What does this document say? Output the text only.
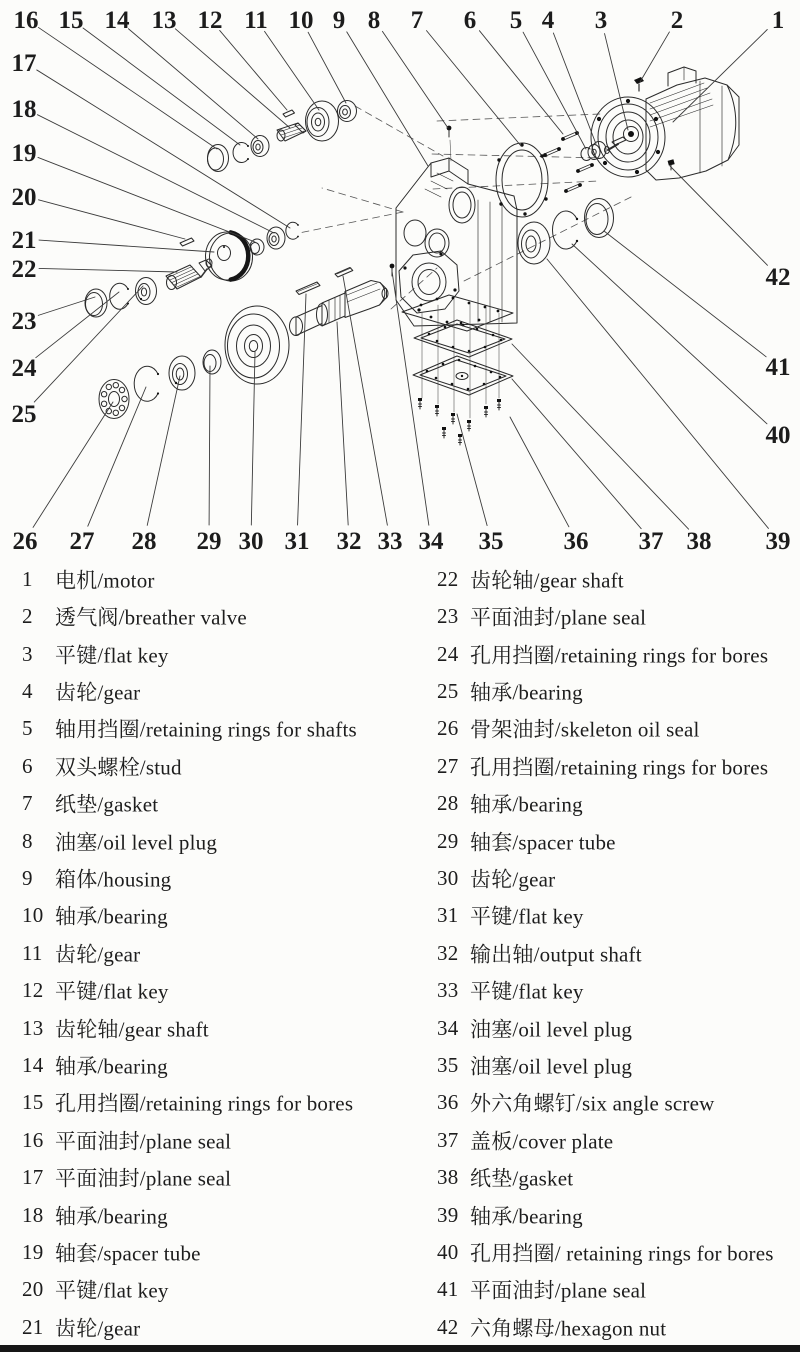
16 15 14 13 12 11 10 9 8 7 6 5 4 3	2	1
17
18
19
20
21
22
23
24
25
26 27 28 29 30 31 32 33 34 35 36 37 38 39
40
41
42
1 电机/motor
2 透气阀/breather valve
3 平键/flat key
4 齿轮/gear
5 轴用挡圈/retaining rings for shafts
6 双头螺栓/stud
7 纸垫/gasket
8 油塞/oil level plug
9 箱体/housing
10 轴承/bearing
11 齿轮/gear
12 平键/flat key
13 齿轮轴/gear shaft
14 轴承/bearing
15 孔用挡圈/retaining rings for bores
16 平面油封/plane seal
17 平面油封/plane seal
18 轴承/bearing
19 轴套/spacer tube
20 平键/flat key
21 齿轮/gear
22 齿轮轴/gear shaft
23 平面油封/plane seal
24 孔用挡圈/retaining rings for bores
25 轴承/bearing
26 骨架油封/skeleton oil seal
27 孔用挡圈/retaining rings for bores
28 轴承/bearing
29 轴套/spacer tube
30 齿轮/gear
31 平键/flat key
32 输出轴/output shaft
33 平键/flat key
34 油塞/oil level plug
35 油塞/oil level plug
36 外六角螺钉/six angle screw
37 盖板/cover plate
38 纸垫/gasket
39 轴承/bearing
40 孔用挡圈/ retaining rings for bores
41 平面油封/plane seal
42 六角螺母/hexagon nut
